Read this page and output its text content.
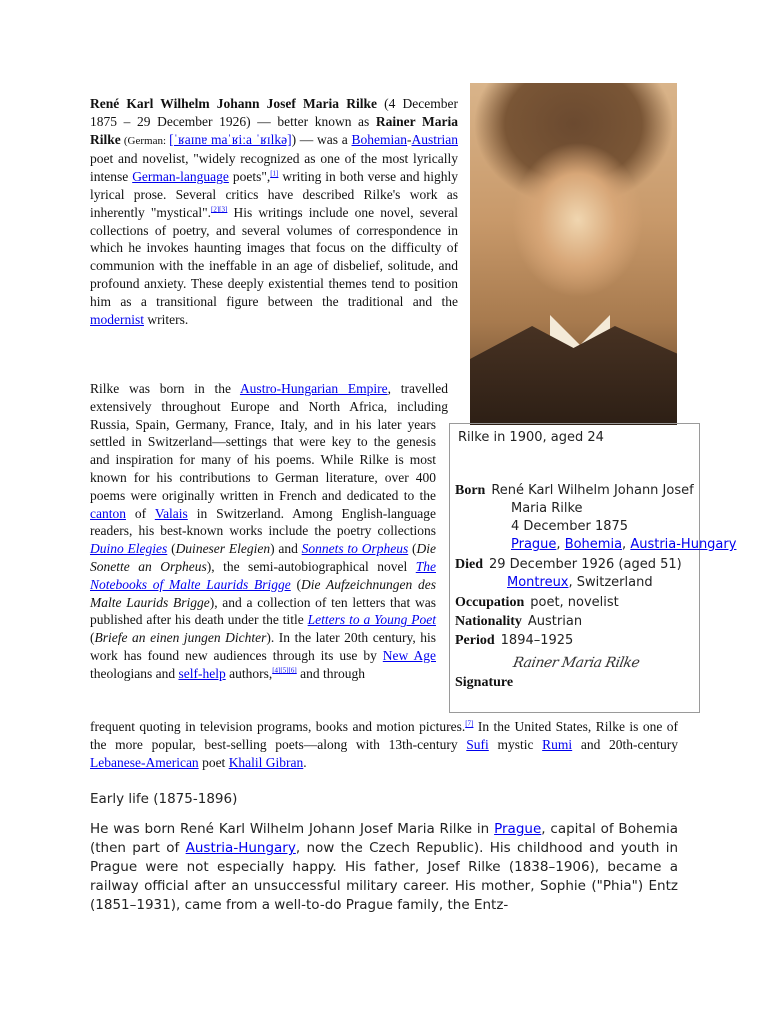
Rilke in 1900, aged 24
Born René Karl Wilhelm Johann Josef
Maria Rilke
4 December 1875
Prague, Bohemia, Austria-Hungary
Died 29 December 1926 (aged 51)
Montreux, Switzerland
Occupation poet, novelist
Nationality Austrian
Period 1894–1925
Signature
Rainer Maria Rilke
René Karl Wilhelm Johann Josef Maria Rilke (4 December 1875 – 29 December 1926) — better known as Rainer Maria Rilke (German: [ˈʁaɪnɐ maˈʁiːa ˈʁɪlkə]) — was a Bohemian-Austrian poet and novelist, "widely recognized as one of the most lyrically intense German-language poets",[1] writing in both verse and highly lyrical prose. Several critics have described Rilke's work as inherently "mystical".[2][3] His writings include one novel, several collections of poetry, and several volumes of correspondence in which he invokes haunting images that focus on the difficulty of communion with the ineffable in an age of disbelief, solitude, and profound anxiety. These deeply existential themes tend to position him as a transitional figure between the traditional and the modernist writers.
Rilke was born in the Austro-Hungarian Empire, travelled extensively throughout Europe and North Africa, including Russia, Spain, Germany, France, Italy, and in his later years settled in Switzerland—settings that were key to the genesis and inspiration for many of his poems. While Rilke is most known for his contributions to German literature, over 400 poems were originally written in French and dedicated to the canton of Valais in Switzerland. Among English-language readers, his best-known works include the poetry collections Duino Elegies (Duineser Elegien) and Sonnets to Orpheus (Die Sonette an Orpheus), the semi-autobiographical novel The Notebooks of Malte Laurids Brigge (Die Aufzeichnungen des Malte Laurids Brigge), and a collection of ten letters that was published after his death under the title Letters to a Young Poet (Briefe an einen jungen Dichter). In the later 20th century, his work has found new audiences through its use by New Age theologians and self-help authors,[4][5][6] and through
frequent quoting in television programs, books and motion pictures.[7] In the United States, Rilke is one of the more popular, best-selling poets—along with 13th-century Sufi mystic Rumi and 20th-century Lebanese-American poet Khalil Gibran.
Early life (1875-1896)
He was born René Karl Wilhelm Johann Josef Maria Rilke in Prague, capital of Bohemia (then part of Austria-Hungary, now the Czech Republic). His childhood and youth in Prague were not especially happy. His father, Josef Rilke (1838–1906), became a railway official after an unsuccessful military career. His mother, Sophie ("Phia") Entz (1851–1931), came from a well-to-do Prague family, the Entz-
